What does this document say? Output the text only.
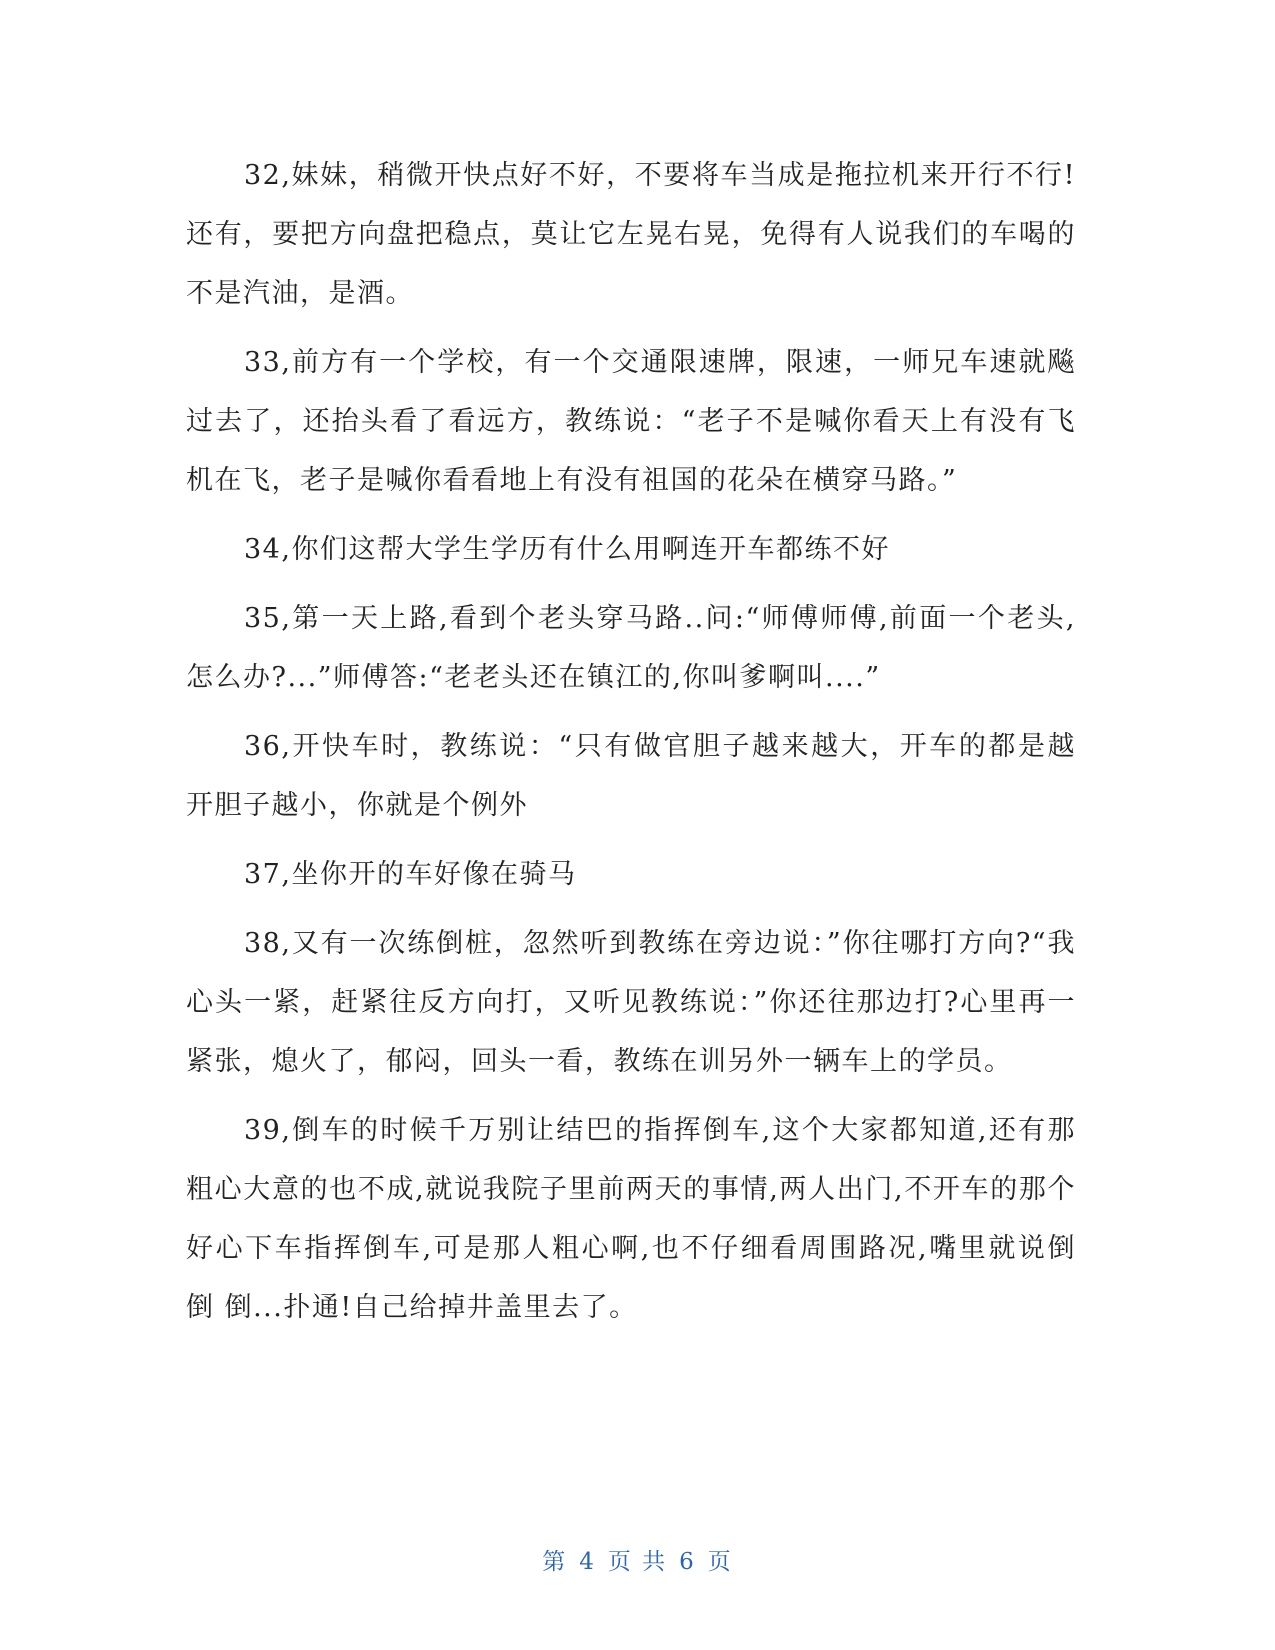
32,妹妹，稍微开快点好不好，不要将车当成是拖拉机来开行不行!还有，要把方向盘把稳点，莫让它左晃右晃，免得有人说我们的车喝的不是汽油，是酒。

33,前方有一个学校，有一个交通限速牌，限速，一师兄车速就飚过去了，还抬头看了看远方，教练说：“老子不是喊你看天上有没有飞机在飞，老子是喊你看看地上有没有祖国的花朵在横穿马路。”

34,你们这帮大学生学历有什么用啊连开车都练不好

35,第一天上路,看到个老头穿马路..问:“师傅师傅,前面一个老头,怎么办?...”师傅答:“老老头还在镇江的,你叫爹啊叫....”

36,开快车时，教练说：“只有做官胆子越来越大，开车的都是越开胆子越小，你就是个例外

37,坐你开的车好像在骑马

38,又有一次练倒桩，忽然听到教练在旁边说：”你往哪打方向?“我心头一紧，赶紧往反方向打，又听见教练说：”你还往那边打?心里再一紧张，熄火了，郁闷，回头一看，教练在训另外一辆车上的学员。

39,倒车的时候千万别让结巴的指挥倒车,这个大家都知道,还有那粗心大意的也不成,就说我院子里前两天的事情,两人出门,不开车的那个好心下车指挥倒车,可是那人粗心啊,也不仔细看周围路况,嘴里就说倒 倒 倒...扑通!自己给掉井盖里去了。

第 4 页 共 6 页
